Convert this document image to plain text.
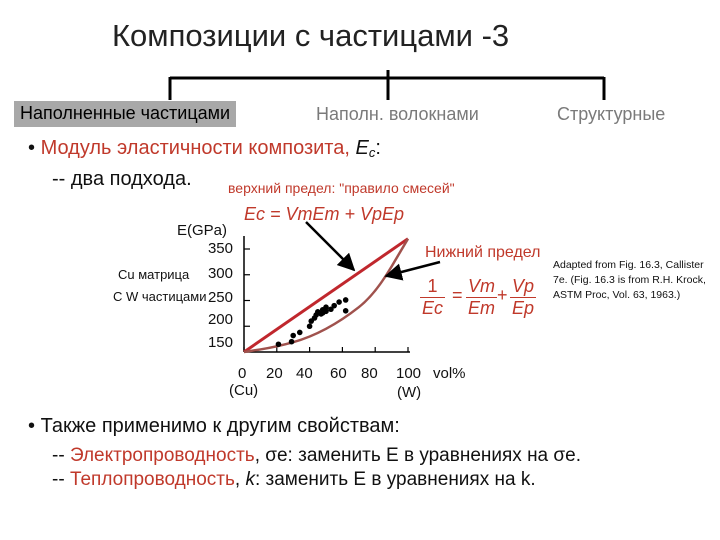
Композиции с частицами -3
Наполненные частицами	Наполн. волокнами	Структурные
• Модуль эластичности композита, $E_c$:
-- два подхода.	верхний предел: "правило смесей"
Ec = VmEm + VpEp
Нижний предел
$\frac{1}{Ec} = \frac{Vm}{Em} + \frac{Vp}{Ep}$
Adapted from Fig. 16.3, Callister 7e. (Fig. 16.3 is from R.H. Krock, ASTM Proc, Vol. 63, 1963.)
E(GPa)
350
300
250
200
150
Cu матрица
C W частицами
0 20 40 60 80 100 vol%
(Cu)	(W)
• Также применимо к другим свойствам:
-- Электропроводность, σe: заменить E в уравнениях на σe.
-- Теплопроводность, k: заменить E в уравнениях на k.
